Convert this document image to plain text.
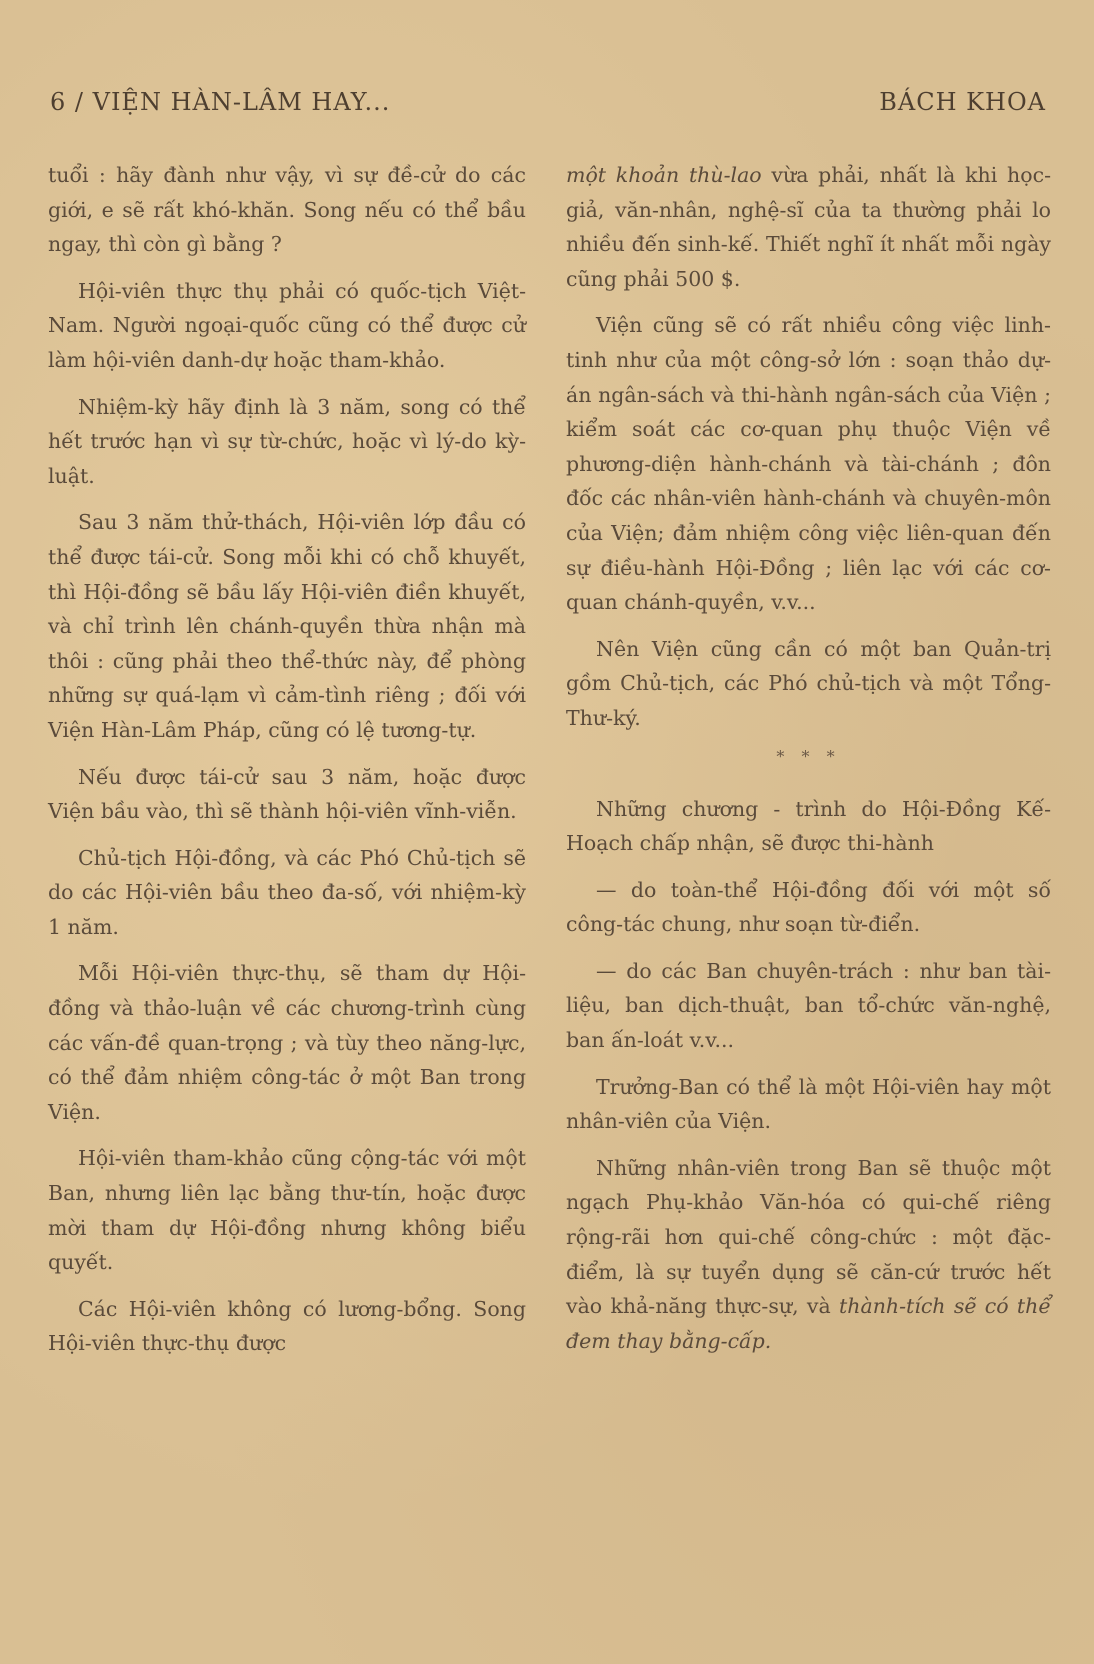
6 / VIỆN HÀN-LÂM HAY...	BÁCH KHOA

tuổi : hãy đành như vậy, vì sự đề-cử do các giới, e sẽ rất khó-khăn. Song nếu có thể bầu ngay, thì còn gì bằng ?

Hội-viên thực thụ phải có quốc-tịch Việt-Nam. Người ngoại-quốc cũng có thể được cử làm hội-viên danh-dự hoặc tham-khảo.

Nhiệm-kỳ hãy định là 3 năm, song có thể hết trước hạn vì sự từ-chức, hoặc vì lý-do kỳ-luật.

Sau 3 năm thử-thách, Hội-viên lớp đầu có thể được tái-cử. Song mỗi khi có chỗ khuyết, thì Hội-đồng sẽ bầu lấy Hội-viên điền khuyết, và chỉ trình lên chánh-quyền thừa nhận mà thôi : cũng phải theo thể-thức này, để phòng những sự quá-lạm vì cảm-tình riêng ; đối với Viện Hàn-Lâm Pháp, cũng có lệ tương-tự.

Nếu được tái-cử sau 3 năm, hoặc được Viện bầu vào, thì sẽ thành hội-viên vĩnh-viễn.

Chủ-tịch Hội-đồng, và các Phó Chủ-tịch sẽ do các Hội-viên bầu theo đa-số, với nhiệm-kỳ 1 năm.

Mỗi Hội-viên thực-thụ, sẽ tham dự Hội-đồng và thảo-luận về các chương-trình cùng các vấn-đề quan-trọng ; và tùy theo năng-lực, có thể đảm nhiệm công-tác ở một Ban trong Viện.

Hội-viên tham-khảo cũng cộng-tác với một Ban, nhưng liên lạc bằng thư-tín, hoặc được mời tham dự Hội-đồng nhưng không biểu quyết.

Các Hội-viên không có lương-bổng. Song Hội-viên thực-thụ được

một khoản thù-lao vừa phải, nhất là khi học-giả, văn-nhân, nghệ-sĩ của ta thường phải lo nhiều đến sinh-kế. Thiết nghĩ ít nhất mỗi ngày cũng phải 500 $.

Viện cũng sẽ có rất nhiều công việc linh-tinh như của một công-sở lớn : soạn thảo dự-án ngân-sách và thi-hành ngân-sách của Viện ; kiểm soát các cơ-quan phụ thuộc Viện về phương-diện hành-chánh và tài-chánh ; đôn đốc các nhân-viên hành-chánh và chuyên-môn của Viện; đảm nhiệm công việc liên-quan đến sự điều-hành Hội-Đồng ; liên lạc với các cơ-quan chánh-quyền, v.v...

Nên Viện cũng cần có một ban Quản-trị gồm Chủ-tịch, các Phó chủ-tịch và một Tổng-Thư-ký.

* * *

Những chương - trình do Hội-Đồng Kế-Hoạch chấp nhận, sẽ được thi-hành

— do toàn-thể Hội-đồng đối với một số công-tác chung, như soạn từ-điển.

— do các Ban chuyên-trách : như ban tài-liệu, ban dịch-thuật, ban tổ-chức văn-nghệ, ban ấn-loát v.v...

Trưởng-Ban có thể là một Hội-viên hay một nhân-viên của Viện.

Những nhân-viên trong Ban sẽ thuộc một ngạch Phụ-khảo Văn-hóa có qui-chế riêng rộng-rãi hơn qui-chế công-chức : một đặc-điểm, là sự tuyển dụng sẽ căn-cứ trước hết vào khả-năng thực-sự, và thành-tích sẽ có thể đem thay bằng-cấp.
